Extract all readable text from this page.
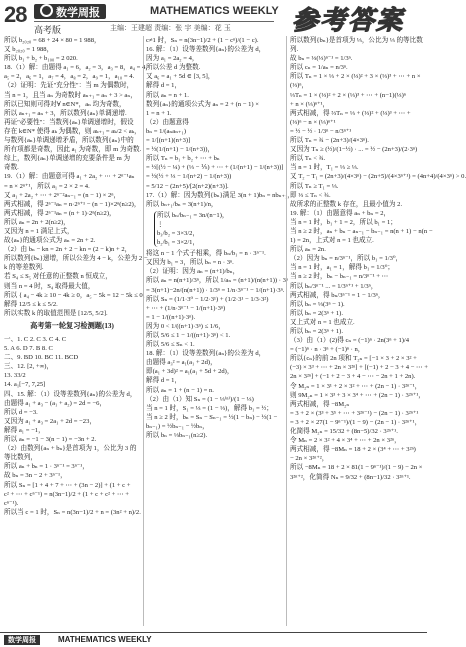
28	数学周报	MATHEMATICS WEEKLY
高考版	主编：王建超 责编：张 宇 美编：花 玉 参考答案

所以 b₂₀₂₀ = 68 + 24 × 80 = 1 988，

又 b₂₀₂₀ = 1 988，

所以 b₁ + b₂ + b₁₀₀ = 2 020.

18.（1）解：由题得 a₁ = 6，a₂ = 3，a₃ = 8，a₄ = 4，

a₅ = 2，a₆ = 1，a₇ = 4，a₈ = 2，a₉ = 1，a₁₀ = 4.

（2）证明：先证"充分性"：当 m 为偶数时，

当 n = 1，且当 aₙ 为奇数时 aₙ₊₁ = aₙ + 3 > aₙ，

所以已知则可得对∀ n∈N*，aₙ 均为奇数，

所以 aₙ₊₁ = aₙ + 3，所以数列{aₙ}单调递增.

再证"必要性"：当数列{aₙ}单调递增时，假设

存在 k∈N* 使得 aₖ 为偶数，则 aₖ₊₁ = aₖ/2 < aₖ，

与数列{aₙ}单调递增矛盾，所以数列{aₙ}中的

所有项都是奇数，因此 a₁ 为奇数，即 m 为奇数.

综上，数列{aₙ}单调递增的充要条件是 m 为

奇数.

19.（1）解：由题意可得 a₁ + 2a₂ + ⋯ + 2ⁿ⁻¹aₙ

= n × 2ⁿ⁺¹，所以 a₁ = 2 × 2 = 4.

又 a₁ + 2a₂ + ⋯ + 2ⁿ⁻²aₙ₋₁ = (n − 1) × 2ⁿ，

两式相减，得 2ⁿ⁻¹aₙ = n·2ⁿ⁺¹ − (n − 1)×2ⁿ(n≥2)，

两式相减，得 2ⁿ⁻¹aₙ = (n + 1)·2ⁿ(n≥2)，

所以 aₙ = 2n + 2(n≥2)，

又因为 n = 1 满足上式，

故{aₙ}的通项公式为 aₙ = 2n + 2.

（2）由 bₙ − kn = 2n + 2 − kn = (2 − k)n + 2，

所以数列{bₙ}递增，所以公差为 4 − k，公差为 2 −

k 的等差数列.

若 S₄ ≤ S₅ 对任意的正整数 n 恒成立，

则当 n = 4 时，S₄ 取得最大值，

所以 { a₄ − 4k ≥ 10 − 4k ≥ 0，a₅ − 5k = 12 − 5k ≤ 0，

解得 12/5 ≤ k ≤ 5/2.

所以实数 k 的取值范围是 [12/5, 5/2].

高考第一轮复习检测题(13)

一、1. C 2. C 3. C 4. C

5. A 6. D 7. B 8. C

二、9. BD 10. BC 11. BCD

三、12. [2, +∞)，

13. 33/2

14. a₁[−7, 7,25]

四、15. 解：（1）设等差数列{aₙ}的公差为 d，

由题得 a₁ + a₃ − (a₁ + a₂) = 2d = −6，

所以 d = −3.

又因为 a₁ + a₃ = 2a₁ + 2d = −23，

解得 a₁ = −1，

所以 aₙ = −1 − 3(n − 1) = −3n + 2.

（2）由数列{aₙ + bₙ}是首项为 1，公比为 3 的

等比数列，

所以 aₙ + bₙ = 1 · 3ⁿ⁻¹ = 3ⁿ⁻¹，

故 bₙ = 3n − 2 + 3ⁿ⁻¹，

所以 Sₙ = [1 + 4 + 7 + ⋯ + (3n − 2)] + (1 + c +

c² + ⋯ + cⁿ⁻¹) = n(3n−1)/2 + (1 + c + c² + ⋯ +

cⁿ⁻¹).

所以当 c = 1 时，Sₙ = n(3n−1)/2 + n = (3n² + n)/2.

c≠1 时，Sₙ = n(3n−1)/2 + (1 − cⁿ)/(1 − c).

16. 解：（1）设等差数列{aₙ}的公差为 d，

因为 a₁ = 2a₂ = 4，

所以公差 d 为整数.

又 a₆ = a₁ + 5d ∈ [3, 5]，

解得 d = 1，

所以 aₙ = n + 1.

数列{aₙ}的通项公式为 aₙ = 2 + (n − 1) ×

1 = n + 1.

（2）由题意得

bₙ = 1/(aₙaₙ₊₁)

= 1/[(n+1)(n+3)]

= ½(1/(n+1) − 1/(n+3))，

所以 Tₙ = b₁ + b₂ + ⋯ + bₙ

= ½[(½ − ¼) + (⅓ − ⅕) + ⋯ + (1/(n+1) − 1/(n+3))]

= ½(½ + ⅓ − 1/(n+2) − 1/(n+3))

= 5/12 − (2n+5)/[2(n+2)(n+3)].

17.（1）解：因为数列{bₙ}满足 3(n + 1)bₙ = nbₙ₊₁，

所以 bₙ₊₁/bₙ = 3(n+1)/n，

所以 bₙ/bₙ₋₁ = 3n/(n−1)，

⋮

b₃/b₂ = 3×3/2，

b₂/b₁ = 3×2/1，

将这 n − 1 个式子相乘，得 bₙ/b₁ = n · 3ⁿ⁻¹.

又因为 b₁ = 3，所以 bₙ = n · 3ⁿ.

（2）证明：因为 aₙ = (n+1)/bₙ，

所以 aₙ = n(n+1)/3ⁿ，所以 1/aₙ = (n+1)/(n(n+1)) · 3ⁿ

= 3(n+1)−2n/(n(n+1)) · 1/3ⁿ = 1/n·3ⁿ⁻¹ − 1/(n+1)·3ⁿ.

所以 Sₙ = (1/1·3⁰ − 1/2·3¹) + (1/2·3¹ − 1/3·3²)

+ ⋯ + (1/n·3ⁿ⁻¹ − 1/(n+1)·3ⁿ)

= 1 − 1/((n+1)·3ⁿ).

因为 0 < 1/((n+1)·3ⁿ) ≤ 1/6，

所以 5/6 ≤ 1 − 1/((n+1)·3ⁿ) < 1.

所以 5/6 ≤ Sₙ < 1.

18. 解：（1）设等差数列{aₙ}的公差为 d，

由题得 a₃² = a₁(a₁ + 2d)，

即(a₁ + 3d)² = a₁(a₁ + 5d + 2d)，

解得 d = 1，

所以 aₙ = 1 + (n − 1) = n.

（2）由（1）知 Sₙ = (1 − ⅓⁽ⁿ⁾)/(1 − ⅓)

当 n = 1 时，S₁ = ⅓ = (1 − ⅓)，解得 b₁ = ½；

当 n ≥ 2 时，bₙ = Sₙ − Sₙ₋₁ = ½(1 − bₙ) − ½(1 −

bₙ₋₁) = ½bₙ₋₁ − ½bₙ，

所以 bₙ = ⅓bₙ₋₁(n≥2).

所以数列{bₙ}是首项为 ⅓，公比为 ⅓ 的等比数

列.

故 bₙ = ⅓(⅓)ⁿ⁻¹ = 1/3ⁿ.

所以 cₙ = 1/aₙ = n/3ⁿ.

所以 Tₙ = 1 × ⅓ + 2 × (⅓)² + 3 × (⅓)³ + ⋯ + n ×

(⅓)ⁿ，

⅓Tₙ = 1 × (⅓)² + 2 × (⅓)³ + ⋯ + (n−1)(⅓)ⁿ

+ n × (⅓)ⁿ⁺¹，

两式相减，得 ⅔Tₙ = ⅓ + (⅓)² + (⅓)³ + ⋯ +

(⅓)ⁿ − n × (⅓)ⁿ⁺¹

= ½ − ½ · 1/3ⁿ − n/3ⁿ⁺¹

所以 Tₙ = ¾ − (2n+3)/(4×3ⁿ).

又因为 Tₙ ≥ (½)/(1−½) · ... = ½ − (2n+3)/(2·3ⁿ)

所以 Tₙ < ¾.

当 n = 1 时，T₁ = ⅓ ≥ ⅓.

又 T₂ − T₁ = (2n+3)/(4×3ⁿ) − (2n+5)/(4×3ⁿ⁺¹) = (4n+4)/(4×3ⁿ) > 0.

所以 Tₙ ≥ T₁ = ⅓.

即 ⅓ ≤ Tₙ < ¾.

故所求的正整数 k 存在，且最小值为 2.

19. 解：（1）由题意得 aₙ + bₙ = 2，

当 n = 1 时，b₁ + 1 = 2，所以 b₁ = 1；

当 n ≥ 2 时，aₙ + bₙ − aₙ₋₁ − bₙ₋₁ = n(n + 1) − n(n −

1) = 2n，上式对 n = 1 也成立.

所以 aₙ = 2n.

（2）因为 bₙ = n/3ⁿ⁻¹，所以 b₁ = 1/3⁰，

当 n = 1 时，a₁ = 1，解得 b₁ = 1/3⁰；

当 n ≥ 2 时，bₙ − bₙ₋₁ = n/3ⁿ⁻¹ + ⋯

所以 bₙ/3ⁿ⁻¹ ... = 1/3ⁿ⁺¹ + 1/3ⁿ，

两式相减，得 bₙ/3ⁿ⁻¹ = 1 − 1/3ⁿ，

所以 bₙ = ⅓(3ⁿ − 1).

所以 bₙ = 2(3ⁿ + 1).

又上式对 n = 1 也成立.

所以 bₙ = 2(3ⁿ + 1).

（3）由（1）(2)得 cₙ = (−1)ⁿ · 2n(3ⁿ + 1)/4

= (−1)ⁿ · n · 3ⁿ + (−1)ⁿ · n，

所以{cₙ}的前 2n 项和 T₂ₙ = [−1 × 3 + 2 × 3² +

(−3) × 3³ + ⋯ + 2n × 3²ⁿ] + [(−1) + 2 − 3 + 4 − ⋯ +

2n × 3²ⁿ] + (−1 + 2 − 3 + 4 − ⋯ − 2n + 1 + 2n).

令 M₂ₙ = 1 × 3¹ + 2 × 3² + ⋯ + (2n − 1) · 3²ⁿ⁻¹，

则 9M₂ₙ = 1 × 3³ + 3 × 3⁴ + ⋯ + (2n − 1) · 3²ⁿ⁺¹，

两式相减，得 −8M₂ₙ

= 3 + 2 × (3³ + 3⁵ + ⋯ + 3²ⁿ⁻¹) − (2n − 1) · 3²ⁿ⁺¹

= 3 + 2 × 27(1 − 9ⁿ⁻¹)/(1 − 9) − (2n − 1) · 3²ⁿ⁺¹，

化简得 M₂ₙ = 15/32 + (8n−5)/32 · 3²ⁿ⁺¹.

令 Mₙ = 2 × 3² + 4 × 3⁴ + ⋯ + 2n × 3²ⁿ，

两式相减，得 −8Mₙ = 18 + 2 × (3⁴ + ⋯ + 3²ⁿ)

− 2n × 3²ⁿ⁺²，

所以 −8Mₙ = 18 + 2 × 81(1 − 9ⁿ⁻¹)/(1 − 9) − 2n ×

3²ⁿ⁺²，化简得 Nₙ = 9/32 + (8n−1)/32 · 3²ⁿ⁺¹.

数学周报	MATHEMATICS WEEKLY
